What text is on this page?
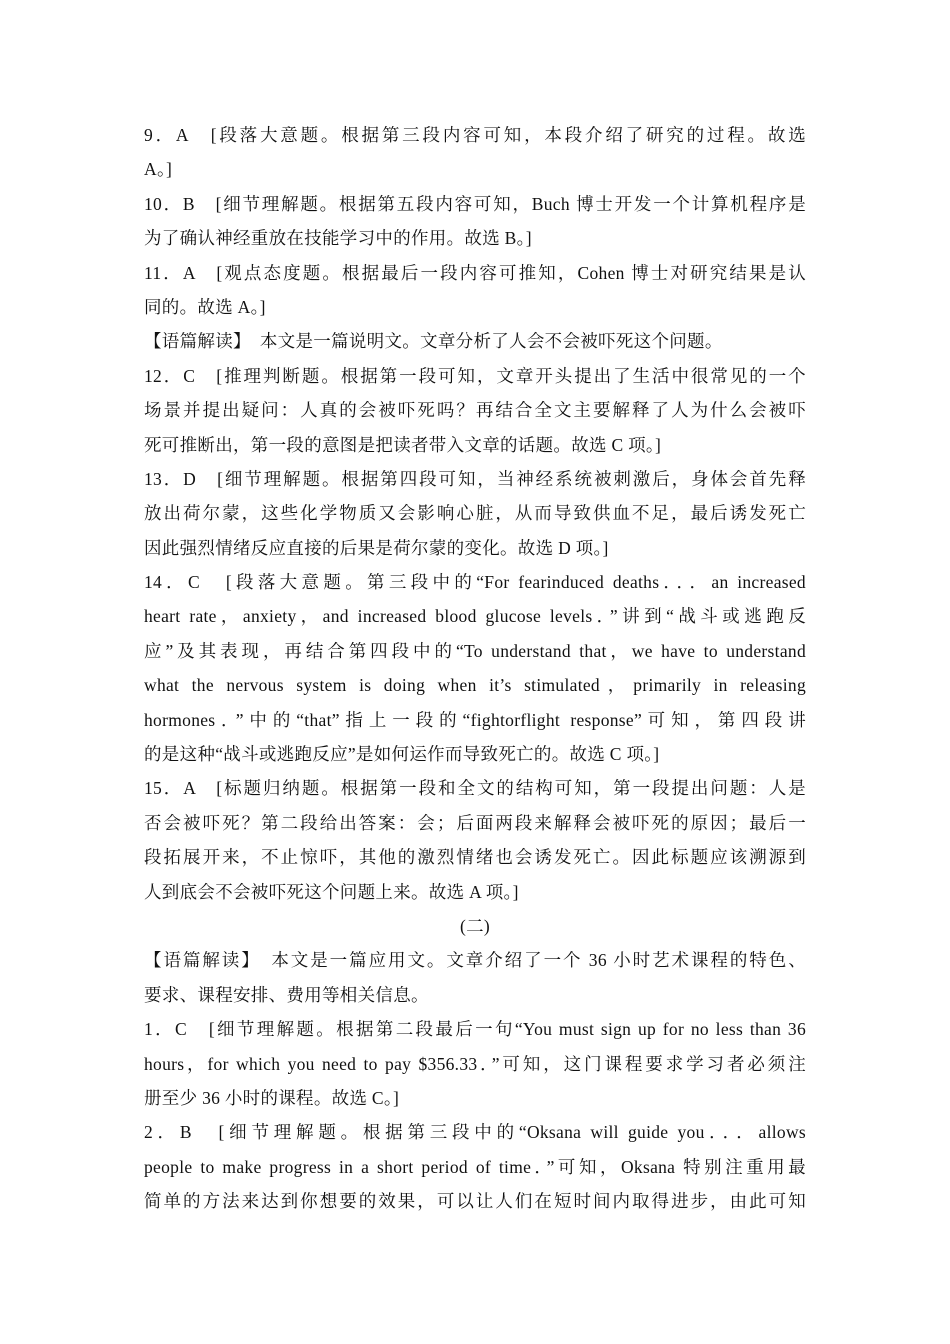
9．A　[段落大意题。根据第三段内容可知，本段介绍了研究的过程。故选
A。]
10．B　[细节理解题。根据第五段内容可知，Buch 博士开发一个计算机程序是
为了确认神经重放在技能学习中的作用。故选 B。]
11．A　[观点态度题。根据最后一段内容可推知，Cohen 博士对研究结果是认
同的。故选 A。]
【语篇解读】　本文是一篇说明文。文章分析了人会不会被吓死这个问题。
12．C　[推理判断题。根据第一段可知，文章开头提出了生活中很常见的一个
场景并提出疑问：人真的会被吓死吗？再结合全文主要解释了人为什么会被吓
死可推断出，第一段的意图是把读者带入文章的话题。故选 C 项。]
13．D　[细节理解题。根据第四段可知，当神经系统被刺激后，身体会首先释
放出荷尔蒙，这些化学物质又会影响心脏，从而导致供血不足，最后诱发死亡
因此强烈情绪反应直接的后果是荷尔蒙的变化。故选 D 项。]
14．C　[段落大意题。第三段中的“For fearinduced deaths．．．an increased
heart rate，anxiety，and increased blood glucose levels．”讲到“战斗或逃跑反
应”及其表现，再结合第四段中的“To understand that，we have to understand
what the nervous system is doing when it’s stimulated，primarily in releasing
hormones．”中的“that”指上一段的“fightorflight response”可知，第四段讲
的是这种“战斗或逃跑反应”是如何运作而导致死亡的。故选 C 项。]
15．A　[标题归纳题。根据第一段和全文的结构可知，第一段提出问题：人是
否会被吓死？第二段给出答案：会；后面两段来解释会被吓死的原因；最后一
段拓展开来，不止惊吓，其他的激烈情绪也会诱发死亡。因此标题应该溯源到
人到底会不会被吓死这个问题上来。故选 A 项。]
(二)
【语篇解读】　本文是一篇应用文。文章介绍了一个 36 小时艺术课程的特色、
要求、课程安排、费用等相关信息。
1．C　[细节理解题。根据第二段最后一句“You must sign up for no less than 36
hours，for which you need to pay $356.33．”可知，这门课程要求学习者必须注
册至少 36 小时的课程。故选 C。]
2．B　[细节理解题。根据第三段中的“Oksana will guide you．．．allows
people to make progress in a short period of time．”可知，Oksana 特别注重用最
简单的方法来达到你想要的效果，可以让人们在短时间内取得进步，由此可知
